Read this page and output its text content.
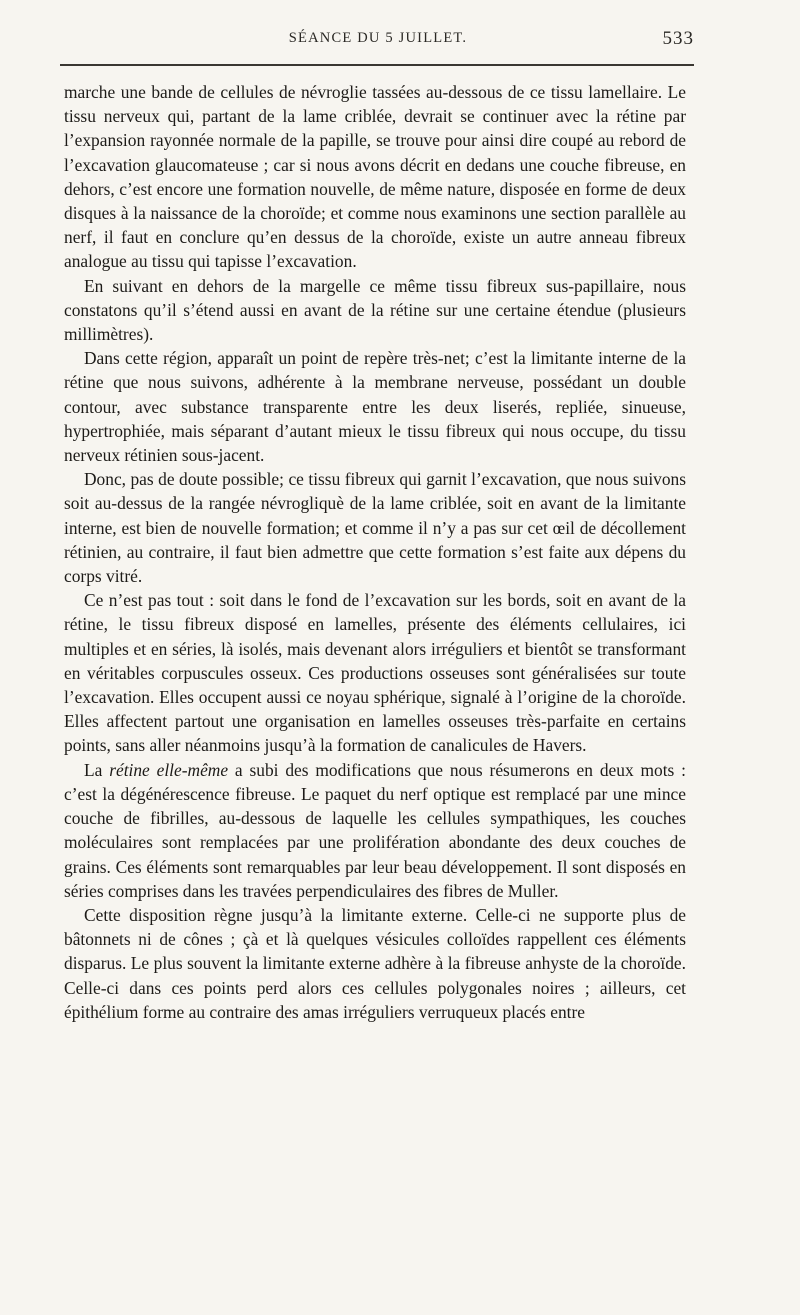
SÉANCE DU 5 JUILLET.	533

marche une bande de cellules de névroglie tassées au-dessous de ce tissu lamellaire. Le tissu nerveux qui, partant de la lame criblée, devrait se continuer avec la rétine par l’expansion rayonnée normale de la papille, se trouve pour ainsi dire coupé au rebord de l’excavation glaucomateuse ; car si nous avons décrit en dedans une couche fibreuse, en dehors, c’est encore une formation nouvelle, de même nature, disposée en forme de deux disques à la naissance de la choroïde; et comme nous examinons une section parallèle au nerf, il faut en conclure qu’en dessus de la choroïde, existe un autre anneau fibreux analogue au tissu qui tapisse l’excavation.

En suivant en dehors de la margelle ce même tissu fibreux sus-papillaire, nous constatons qu’il s’étend aussi en avant de la rétine sur une certaine étendue (plusieurs millimètres).

Dans cette région, apparaît un point de repère très-net; c’est la limitante interne de la rétine que nous suivons, adhérente à la membrane nerveuse, possédant un double contour, avec substance transparente entre les deux liserés, repliée, sinueuse, hypertrophiée, mais séparant d’autant mieux le tissu fibreux qui nous occupe, du tissu nerveux rétinien sous-jacent.

Donc, pas de doute possible; ce tissu fibreux qui garnit l’excavation, que nous suivons soit au-dessus de la rangée névrogliquè de la lame criblée, soit en avant de la limitante interne, est bien de nouvelle formation; et comme il n’y a pas sur cet œil de décollement rétinien, au contraire, il faut bien admettre que cette formation s’est faite aux dépens du corps vitré.

Ce n’est pas tout : soit dans le fond de l’excavation sur les bords, soit en avant de la rétine, le tissu fibreux disposé en lamelles, présente des éléments cellulaires, ici multiples et en séries, là isolés, mais devenant alors irréguliers et bientôt se transformant en véritables corpuscules osseux. Ces productions osseuses sont généralisées sur toute l’excavation. Elles occupent aussi ce noyau sphérique, signalé à l’origine de la choroïde. Elles affectent partout une organisation en lamelles osseuses très-parfaite en certains points, sans aller néanmoins jusqu’à la formation de canalicules de Havers.

La rétine elle-même a subi des modifications que nous résumerons en deux mots : c’est la dégénérescence fibreuse. Le paquet du nerf optique est remplacé par une mince couche de fibrilles, au-dessous de laquelle les cellules sympathiques, les couches moléculaires sont remplacées par une prolifération abondante des deux couches de grains. Ces éléments sont remarquables par leur beau développement. Il sont disposés en séries comprises dans les travées perpendiculaires des fibres de Muller.

Cette disposition règne jusqu’à la limitante externe. Celle-ci ne supporte plus de bâtonnets ni de cônes ; çà et là quelques vésicules colloïdes rappellent ces éléments disparus. Le plus souvent la limitante externe adhère à la fibreuse anhyste de la choroïde. Celle-ci dans ces points perd alors ces cellules polygonales noires ; ailleurs, cet épithélium forme au contraire des amas irréguliers verruqueux placés entre
